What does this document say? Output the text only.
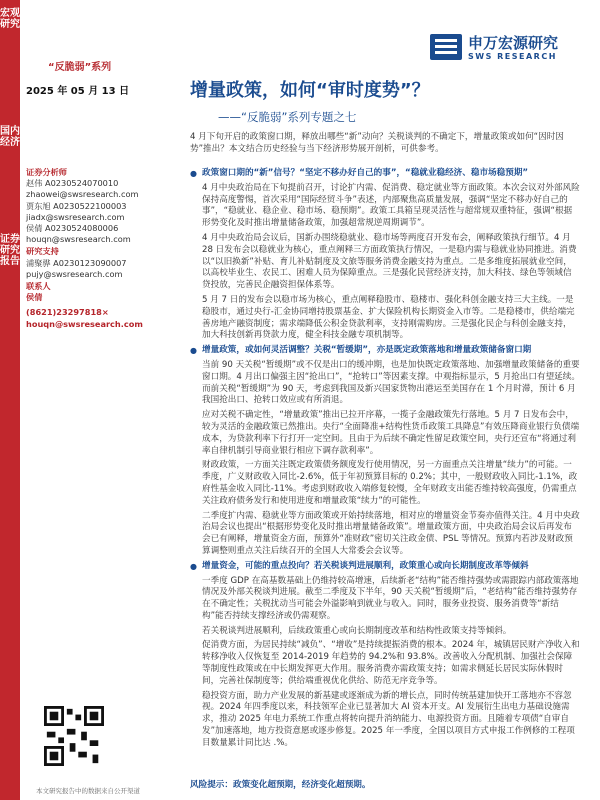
宏观研究
国内经济
证券研究报告
“反脆弱”系列
2025 年 05 月 13 日
申万宏源研究
SWS RESEARCH
增量政策，如何“审时度势”？
——“反脆弱”系列专题之七
4 月下旬开启的政策窗口期，释放出哪些“新”动向？关税谈判的不确定下，增量政策或如何“因时因势”推出？本文结合历史经验与当下经济形势展开剖析，可供参考。
证券分析师
赵伟 A0230524070010
zhaowei@swsresearch.com
贾东旭 A0230522100003
jiadx@swsresearch.com
侯倩 A0230524080006
houqn@swsresearch.com
研究支持
浦聚骅 A0230123090007
pujy@swsresearch.com
联系人
侯倩
(8621)23297818×
houqn@swsresearch.com
● 政策窗口期的“新”信号？“坚定不移办好自己的事”，“稳就业稳经济、稳市场稳预期”
4 月中央政治局在下旬提前召开，讨论扩内需、促消费、稳定就业等方面政策。本次会议对外部风险保持高度警惕，首次采用“国际经贸斗争”表述，内部聚焦高质量发展，强调“坚定不移办好自己的事”，“稳就业、稳企业、稳市场、稳预期”。政策工具箱呈现灵活性与超常规双重特征，强调“根据形势变化及时推出增量储备政策，加强超常规逆周期调节”。
4 月中央政治局会议后，国新办围绕稳就业、稳市场等两度召开发布会，阐释政策执行细节。4 月 28 日发布会以稳就业为核心，重点阐释三方面政策执行情况，一是稳内需与稳就业协同推进。消费以“以旧换新”补贴、育儿补贴制度及文旅等服务消费金融支持为重点。二是多维度拓展就业空间，以高校毕业生、农民工、困难人员为保障重点。三是强化民营经济支持，加大科技、绿色等领域信贷投放，完善民企融资担保体系等。
5 月 7 日的发布会以稳市场为核心，重点阐释稳股市、稳楼市、强化科创金融支持三大主线。一是稳股市，通过央行-汇金协同增持股票基金、扩大保险机构长期资金入市等。二是稳楼市，供给端完善房地产融资制度；需求端降低公积金贷款利率，支持刚需购房。三是强化民企与科创金融支持，加大科技创新再贷款力度，健全科技金融专项机制等。
● 增量政策，或如何灵活调整？关税“暂缓期”，亦是既定政策落地和增量政策储备窗口期
当前 90 天关税“暂缓期”或不仅是出口的缓冲期，也是加快既定政策落地、加强增量政策储备的重要窗口期。4 月出口偏强主因“抢出口”，“抢转口”等因素支撑。中观指标显示，5 月抢出口有望延续。而前关税“暂缓期”为 90 天，考虑到我国及新兴国家货物出港运至美国存在 1 个月时滞，预计 6 月我国抢出口、抢转口效应或有所消退。
应对关税不确定性，“增量政策”推出已拉开序幕，一揽子金融政策先行落地。5 月 7 日发布会中，较为灵活的金融政策已然推出。央行“全面降准+结构性货币政策工具降息”有效压降商业银行负债端成本，为贷款利率下行打开一定空间。且由于为后续不确定性留足政策空间，央行还宣布“将通过利率自律机制引导商业银行相应下调存款利率”。
财政政策，一方面关注既定政策债务额度发行使用情况，另一方面重点关注增量“续力”的可能。一季度，广义财政收入同比-2.6%，低于年初预算目标的 0.2%；其中，一般财政收入同比-1.1%，政府性基金收入同比-11%。考虑到财政收入端修复较慢，全年财政支出能否维持较高强度，仍需重点关注政府债务发行和使用进度和增量政策“续力”的可能性。
二季度扩内需、稳就业等方面政策或开始持续落地，相对应的增量资金节奏亦值得关注。4 月中央政治局会议也提出“根据形势变化及时推出增量储备政策”。增量政策方面，中央政治局会议后再发布会已有阐释，增量资金方面，预算外“准财政”密切关注政金债、PSL 等情况。预算内若涉及财政预算调整则重点关注后续召开的全国人大常委会会议等。
● 增量资金，可能的重点投向？若关税谈判进展顺利，政策重心或向长期制度改革等倾斜
一季度 GDP 在高基数基础上仍维持较高增速，后续新老“结构”能否维持强势或需跟踪内部政策落地情况及外部关税谈判进展。截至二季度及下半年，90 天关税“暂缓期”后，“老结构”能否维持强势存在不确定性；关税扰动当可能会外溢影响到就业与收入。同时，服务业投资、服务消费等“新结构”能否持续支撑经济或仍需观察。
若关税谈判进展顺利，后续政策重心或向长期制度改革和结构性政策支持等倾斜。
促消费方面，为居民持续“减负”、“增收”是持续提振消费的根本。2024 年，城镇居民财产净收入和转移净收入仅恢复至 2014-2019 年趋势的 94.2%和 93.8%。改善收入分配机制、加强社会保障等制度性政策或在中长期发挥更大作用。服务消费亦需政策支持；如需求侧延长居民实际休假时间，完善社保制度等；供给端重视优化供给、防范无序竞争等。
稳投资方面，助力产业发展的新基建或逐渐成为新的增长点，同时传统基建加快开工落地亦不容忽视。2024 年四季度以来，科技领军企业已显著加大 AI 资本开支。AI 发展衍生出电力基础设施需求，推动 2025 年电力系统工作重点将转向提升消纳能力、电源投资方面。且随着专项债“自审自发”加速落地，地方投资意愿或逐步修复。2025 年一季度，全国以项目方式申报工作例修的工程项目数量累计同比达 .%。
风险提示：政策变化超预期，经济变化超预期。
本文研究报告中的数据来自公开渠道
